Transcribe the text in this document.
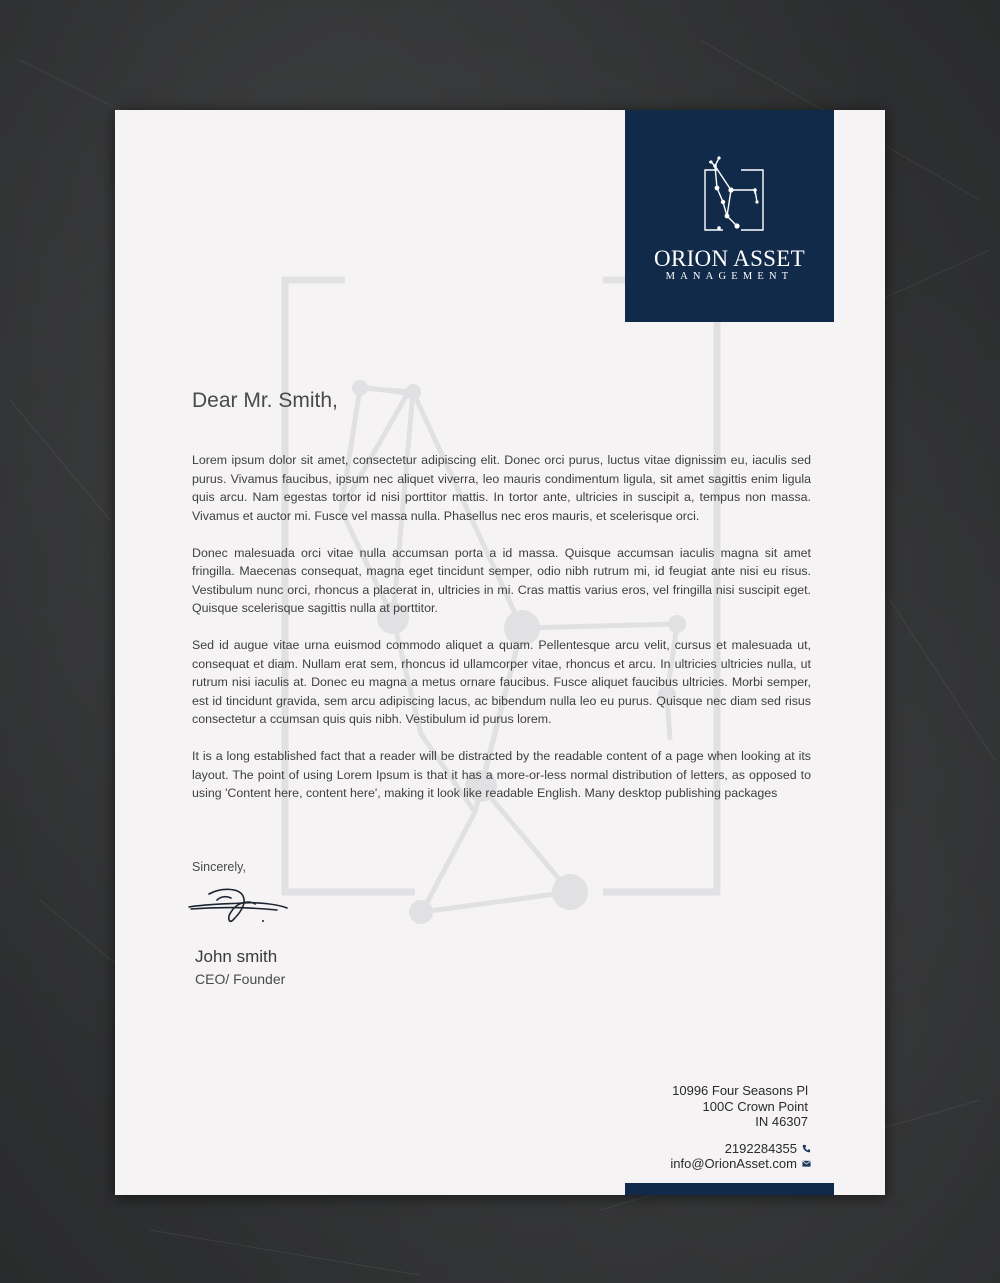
ORION ASSET
MANAGEMENT
Dear Mr. Smith,

Lorem ipsum dolor sit amet, consectetur adipiscing elit. Donec orci purus, luctus vitae dignissim eu, iaculis sed purus. Vivamus faucibus, ipsum nec aliquet viverra, leo mauris condimentum ligula, sit amet sagittis enim ligula quis arcu. Nam egestas tortor id nisi porttitor mattis. In tortor ante, ultricies in suscipit a, tempus non massa. Vivamus et auctor mi. Fusce vel massa nulla. Phasellus nec eros mauris, et scelerisque orci.

Donec malesuada orci vitae nulla accumsan porta a id massa. Quisque accumsan iaculis magna sit amet fringilla. Maecenas consequat, magna eget tincidunt semper, odio nibh rutrum mi, id feugiat ante nisi eu risus. Vestibulum nunc orci, rhoncus a placerat in, ultricies in mi. Cras mattis varius eros, vel fringilla nisi suscipit eget. Quisque scelerisque sagittis nulla at porttitor.

Sed id augue vitae urna euismod commodo aliquet a quam. Pellentesque arcu velit, cursus et malesuada ut, consequat et diam. Nullam erat sem, rhoncus id ullamcorper vitae, rhoncus et arcu. In ultricies ultricies nulla, ut rutrum nisi iaculis at. Donec eu magna a metus ornare faucibus. Fusce aliquet faucibus ultricies. Morbi semper, est id tincidunt gravida, sem arcu adipiscing lacus, ac bibendum nulla leo eu purus. Quisque nec diam sed risus consectetur a ccumsan quis quis nibh. Vestibulum id purus lorem.

It is a long established fact that a reader will be distracted by the readable content of a page when looking at its layout. The point of using Lorem Ipsum is that it has a more-or-less normal distribution of letters, as opposed to using 'Content here, content here', making it look like readable English. Many desktop publishing packages

Sincerely,
John smith
CEO/ Founder
10996 Four Seasons Pl
100C Crown Point
IN 46307
2192284355
info@OrionAsset.com
